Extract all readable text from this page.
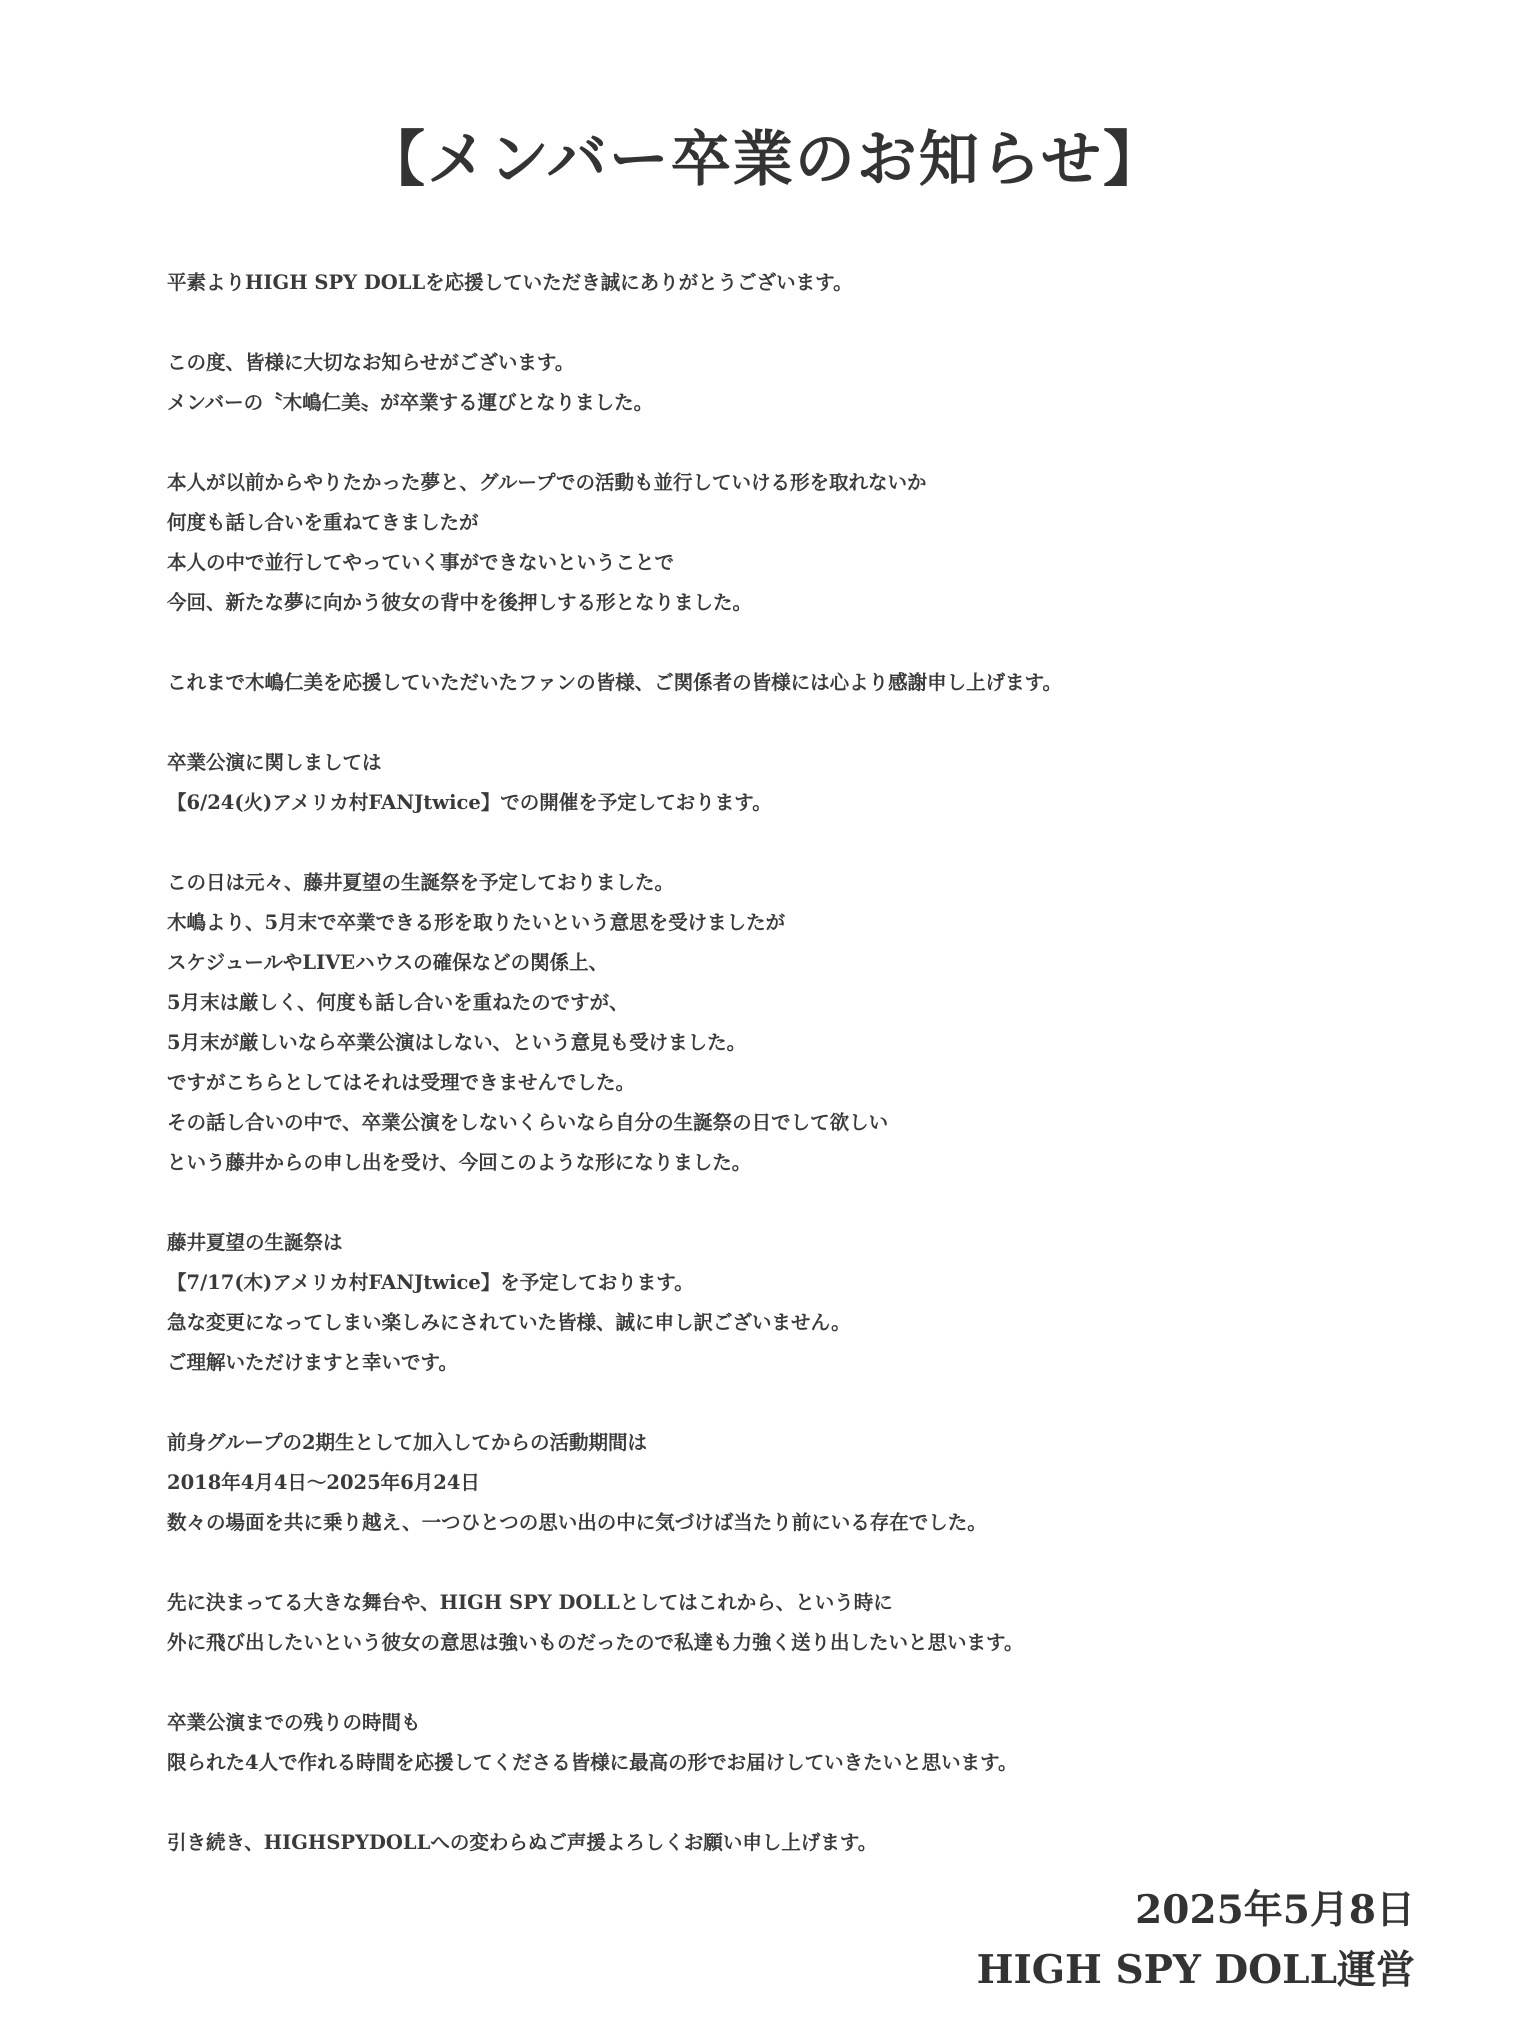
【メンバー卒業のお知らせ】
平素よりHIGH SPY DOLLを応援していただき誠にありがとうございます。
この度、皆様に大切なお知らせがございます。
メンバーの〝木嶋仁美〟が卒業する運びとなりました。
本人が以前からやりたかった夢と、グループでの活動も並行していける形を取れないか
何度も話し合いを重ねてきましたが
本人の中で並行してやっていく事ができないということで
今回、新たな夢に向かう彼女の背中を後押しする形となりました。
これまで木嶋仁美を応援していただいたファンの皆様、ご関係者の皆様には心より感謝申し上げます。
卒業公演に関しましては
【6/24(火)アメリカ村FANJtwice】での開催を予定しております。
この日は元々、藤井夏望の生誕祭を予定しておりました。
木嶋より、5月末で卒業できる形を取りたいという意思を受けましたが
スケジュールやLIVEハウスの確保などの関係上、
5月末は厳しく、何度も話し合いを重ねたのですが、
5月末が厳しいなら卒業公演はしない、という意見も受けました。
ですがこちらとしてはそれは受理できませんでした。
その話し合いの中で、卒業公演をしないくらいなら自分の生誕祭の日でして欲しい
という藤井からの申し出を受け、今回このような形になりました。
藤井夏望の生誕祭は
【7/17(木)アメリカ村FANJtwice】を予定しております。
急な変更になってしまい楽しみにされていた皆様、誠に申し訳ございません。
ご理解いただけますと幸いです。
前身グループの2期生として加入してからの活動期間は
2018年4月4日〜2025年6月24日
数々の場面を共に乗り越え、一つひとつの思い出の中に気づけば当たり前にいる存在でした。
先に決まってる大きな舞台や、HIGH SPY DOLLとしてはこれから、という時に
外に飛び出したいという彼女の意思は強いものだったので私達も力強く送り出したいと思います。
卒業公演までの残りの時間も
限られた4人で作れる時間を応援してくださる皆様に最高の形でお届けしていきたいと思います。
引き続き、HIGHSPYDOLLへの変わらぬご声援よろしくお願い申し上げます。
2025年5月8日
HIGH SPY DOLL運営
